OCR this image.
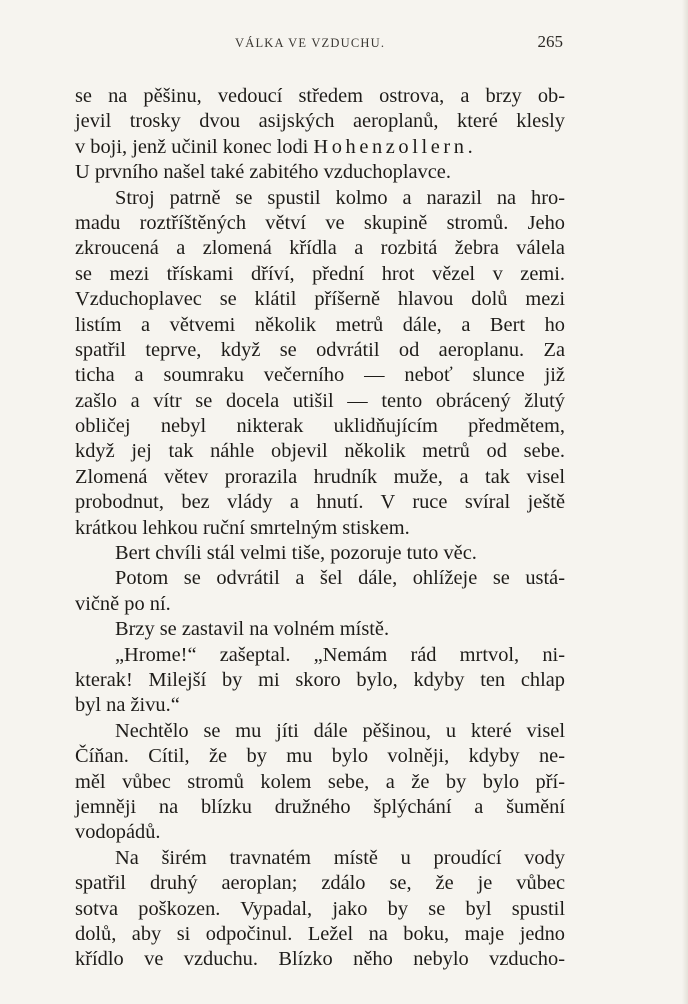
VÁLKA VE VZDUCHU.	265
se na pěšinu, vedoucí středem ostrova, a brzy ob-
jevil trosky dvou asijských aeroplanů, které klesly
v boji, jenž učinil konec lodi Hohenzollern.
U prvního našel také zabitého vzduchoplavce.
Stroj patrně se spustil kolmo a narazil na hro-
madu roztříštěných větví ve skupině stromů. Jeho
zkroucená a zlomená křídla a rozbitá žebra válela
se mezi třískami dříví, přední hrot vězel v zemi.
Vzduchoplavec se klátil příšerně hlavou dolů mezi
listím a větvemi několik metrů dále, a Bert ho
spatřil teprve, když se odvrátil od aeroplanu. Za
ticha a soumraku večerního — neboť slunce již
zašlo a vítr se docela utišil — tento obrácený žlutý
obličej nebyl nikterak uklidňujícím předmětem,
když jej tak náhle objevil několik metrů od sebe.
Zlomená větev prorazila hrudník muže, a tak visel
probodnut, bez vlády a hnutí. V ruce svíral ještě
krátkou lehkou ruční smrtelným stiskem.
Bert chvíli stál velmi tiše, pozoruje tuto věc.
Potom se odvrátil a šel dále, ohlížeje se ustá-
vičně po ní.
Brzy se zastavil na volném místě.
„Hrome!“ zašeptal. „Nemám rád mrtvol, ni-
kterak! Milejší by mi skoro bylo, kdyby ten chlap
byl na živu.“
Nechtělo se mu jíti dále pěšinou, u které visel
Číňan. Cítil, že by mu bylo volněji, kdyby ne-
měl vůbec stromů kolem sebe, a že by bylo pří-
jemněji na blízku družného šplýchání a šumění
vodopádů.
Na širém travnatém místě u proudící vody
spatřil druhý aeroplan; zdálo se, že je vůbec
sotva poškozen. Vypadal, jako by se byl spustil
dolů, aby si odpočinul. Ležel na boku, maje jedno
křídlo ve vzduchu. Blízko něho nebylo vzducho-
